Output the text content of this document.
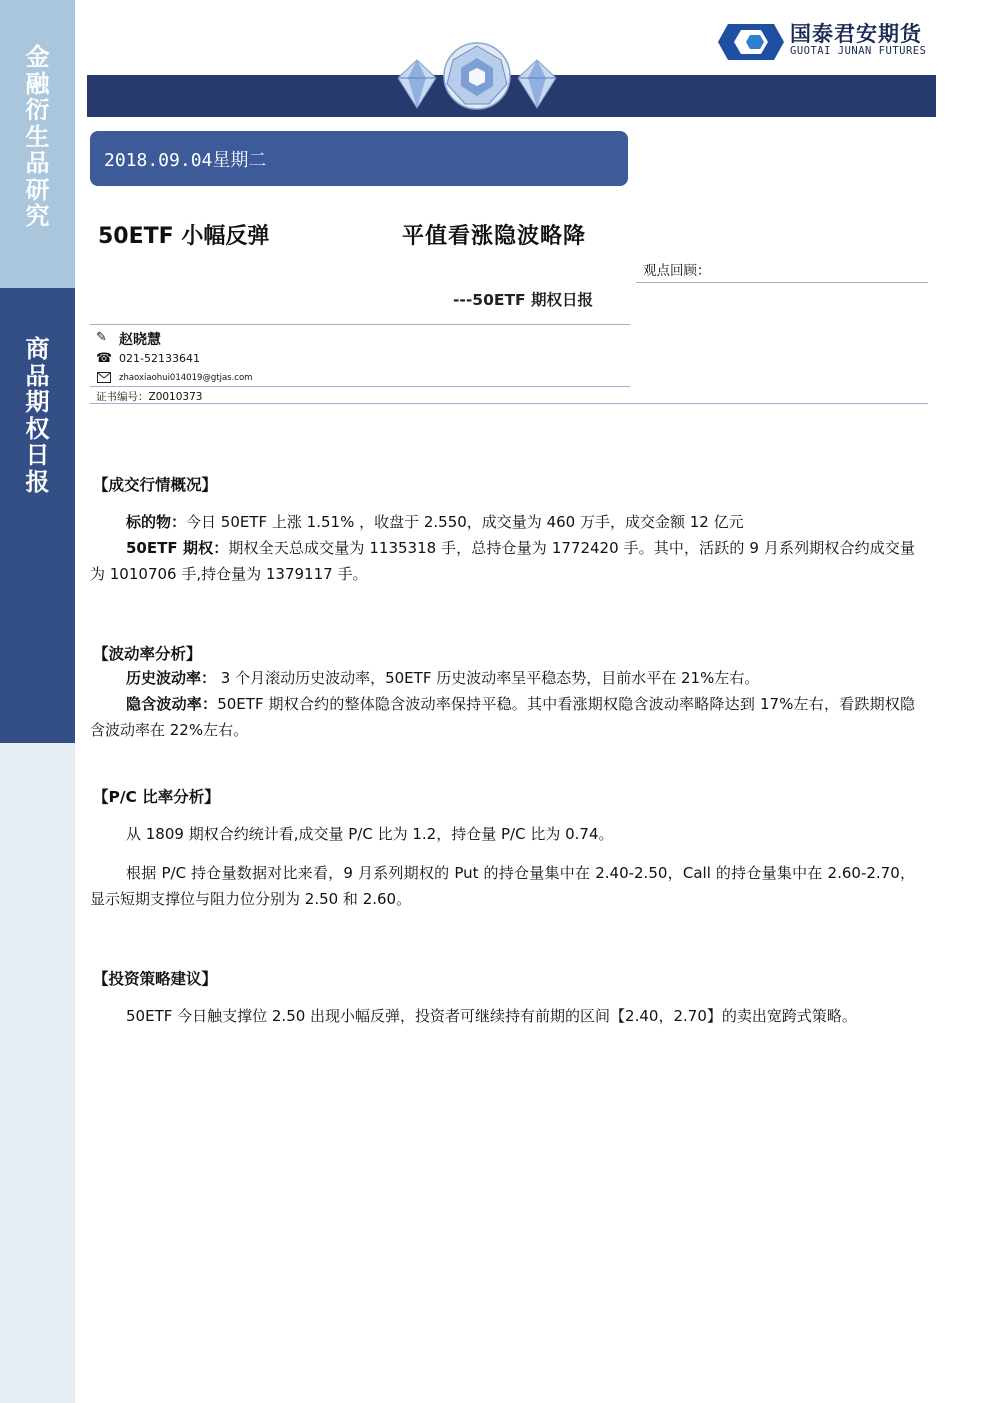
金
融
衍
生
品
研
究
商
品
期
权
日
报
国泰君安期货
GUOTAI JUNAN FUTURES
2018.09.04星期二
50ETF 小幅反弹	平值看涨隐波略降
观点回顾：
---50ETF 期权日报
✎ 赵晓慧
☎ 021-52133641
zhaoxiaohui014019@gtjas.com
证书编号：Z0010373
【成交行情概况】
标的物：今日 50ETF 上涨 1.51% ，收盘于 2.550，成交量为 460 万手，成交金额 12 亿元
50ETF 期权：期权全天总成交量为 1135318 手，总持仓量为 1772420 手。其中，活跃的 9 月系列期权合约成交量为 1010706 手,持仓量为 1379117 手。
【波动率分析】
历史波动率： 3 个月滚动历史波动率，50ETF 历史波动率呈平稳态势，目前水平在 21%左右。
隐含波动率：50ETF 期权合约的整体隐含波动率保持平稳。其中看涨期权隐含波动率略降达到 17%左右，看跌期权隐含波动率在 22%左右。
【P/C 比率分析】
从 1809 期权合约统计看,成交量 P/C 比为 1.2，持仓量 P/C 比为 0.74。
根据 P/C 持仓量数据对比来看，9 月系列期权的 Put 的持仓量集中在 2.40-2.50，Call 的持仓量集中在 2.60-2.70，显示短期支撑位与阻力位分别为 2.50 和 2.60。
【投资策略建议】
50ETF 今日触支撑位 2.50 出现小幅反弹，投资者可继续持有前期的区间【2.40，2.70】的卖出宽跨式策略。
